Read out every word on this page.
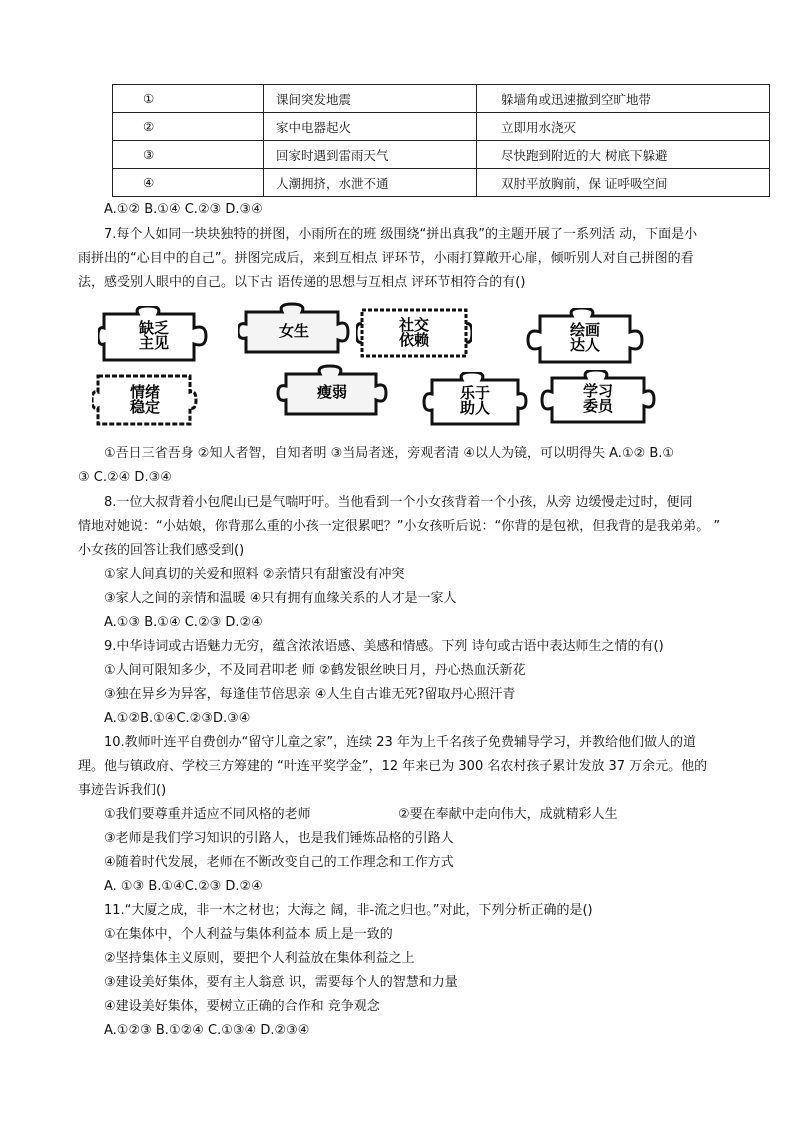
①	课间突发地震	躲墙角或迅速撤到空旷地带
②	家中电器起火	立即用水浇灭
③	回家时遇到雷雨天气	尽快跑到附近的大 树底下躲避
④	人潮拥挤，水泄不通	双肘平放胸前，保 证呼吸空间
A.①② B.①④ C.②③ D.③④
7.每个人如同一块块独特的拼图，小雨所在的班 级围绕“拼出真我”的主题开展了一系列活 动，下面是小
雨拼出的“心目中的自己”。拼图完成后，来到互相点 评环节，小雨打算敞开心扉，倾听别人对自己拼图的看
法，感受别人眼中的自己。以下古 语传递的思想与互相点 评环节相符合的有()
缺乏
主见
女生	社交
依赖
绘画
达人
情绪
稳定
瘦弱	乐于
助人
学习
委员
①吾日三省吾身 ②知人者智，自知者明 ③当局者迷，旁观者清 ④以人为镜，可以明得失 A.①② B.①
③ C.②④ D.③④
8.一位大叔背着小包爬山已是气喘吁吁。当他看到一个小女孩背着一个小孩，从旁 边缓慢走过时，便同
情地对她说：“小姑娘，你背那么重的小孩一定很累吧？”小女孩听后说：“你背的是包袱，但我背的是我弟弟。 ”
小女孩的回答让我们感受到()
①家人间真切的关爱和照料 ②亲情只有甜蜜没有冲突
③家人之间的亲情和温暖 ④只有拥有血缘关系的人才是一家人
A.①③ B.①④ C.②③ D.②④
9.中华诗词或古语魅力无穷，蕴含浓浓语感、美感和情感。下列 诗句或古语中表达师生之情的有()
①人间可限知多少，不及同君叩老 师 ②鹤发银丝映日月，丹心热血沃新花
③独在异乡为异客，每逢佳节倍思亲 ④人生自古谁无死?留取丹心照汗青
A.①②B.①④C.②③D.③④
10.教师叶连平自费创办“留守儿童之家”，连续 23 年为上千名孩子免费辅导学习，并教给他们做人的道
理。他与镇政府、学校三方筹建的 “叶连平奖学金”，12 年来已为 300 名农村孩子累计发放 37 万余元。他的
事迹告诉我们()
①我们要尊重并适应不同风格的老师	②要在奉献中走向伟大，成就精彩人生
③老师是我们学习知识的引路人，也是我们锤炼品格的引路人
④随着时代发展，老师在不断改变自己的工作理念和工作方式
A. ①③ B.①④C.②③ D.②④
11.“大厦之成，非一木之材也；大海之 阔，非-流之归也。”对此，下列分析正确的是()
①在集体中，个人利益与集体利益本 质上是一致的
②坚持集体主义原则，要把个人利益放在集体利益之上
③建设美好集体，要有主人翁意 识，需要每个人的智慧和力量
④建设美好集体，要树立正确的合作和 竞争观念
A.①②③ B.①②④ C.①③④ D.②③④
